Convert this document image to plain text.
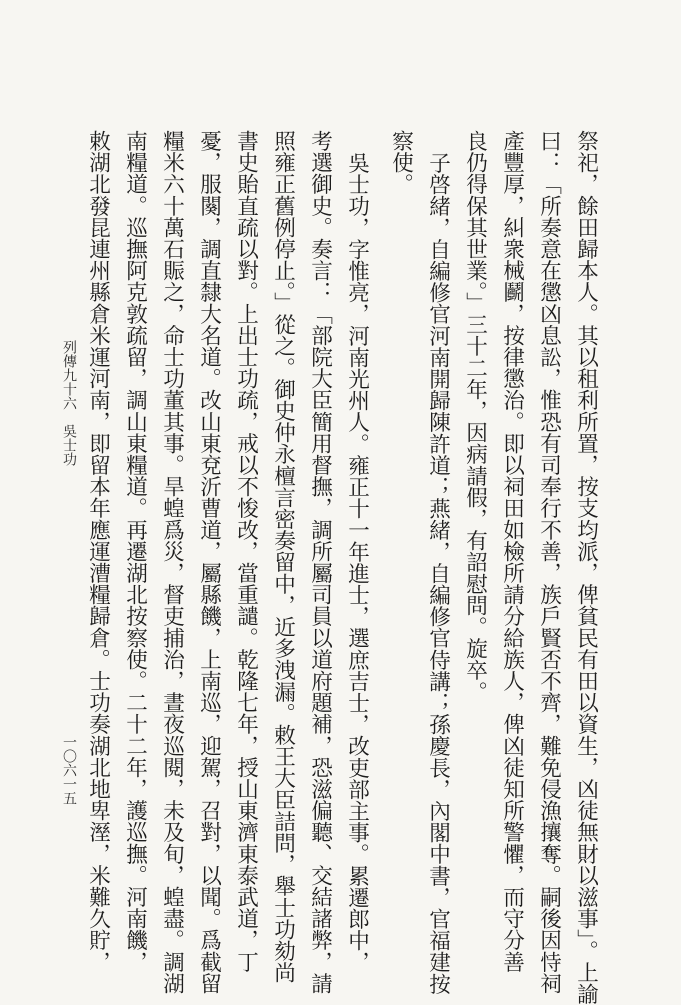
祭祀，餘田歸本人。其以租利所置，按支均派，俾貧民有田以資生，凶徒無財以滋事」。上諭
曰：「所奏意在懲凶息訟，惟恐有司奉行不善，族戶賢否不齊，難免侵漁攘奪。嗣後因恃祠
產豐厚，糾衆械鬬，按律懲治。即以祠田如檢所請分給族人，俾凶徒知所警懼，而守分善
良仍得保其世業。」三十二年，因病請假，有詔慰問。旋卒。
子啓緒，自編修官河南開歸陳許道；燕緒，自編修官侍講；孫慶長，內閣中書，官福建按
察使。
吳士功，字惟亮，河南光州人。雍正十一年進士，選庶吉士，改吏部主事。累遷郎中，
考選御史。奏言：「部院大臣簡用督撫，調所屬司員以道府題補，恐滋偏聽、交結諸弊，請
照雍正舊例停止。」從之。御史仲永檀言密奏留中，近多洩漏。敕王大臣詰問，舉士功劾尚
書史貽直疏以對。上出士功疏，戒以不悛改，當重譴。乾隆七年，授山東濟東泰武道，丁
憂，服闋，調直隸大名道。改山東兗沂曹道，屬縣饑，上南巡，迎駕，召對，以聞。爲截留
糧米六十萬石賑之，命士功董其事。旱蝗爲災，督吏捕治，晝夜巡閱，未及旬，蝗盡。調湖
南糧道。巡撫阿克敦疏留，調山東糧道。再遷湖北按察使。二十二年，護巡撫。河南饑，
敕湖北發昆連州縣倉米運河南，即留本年應運漕糧歸倉。士功奏湖北地卑溼，米難久貯，
列傳九十六　吳士功
一〇六一五
